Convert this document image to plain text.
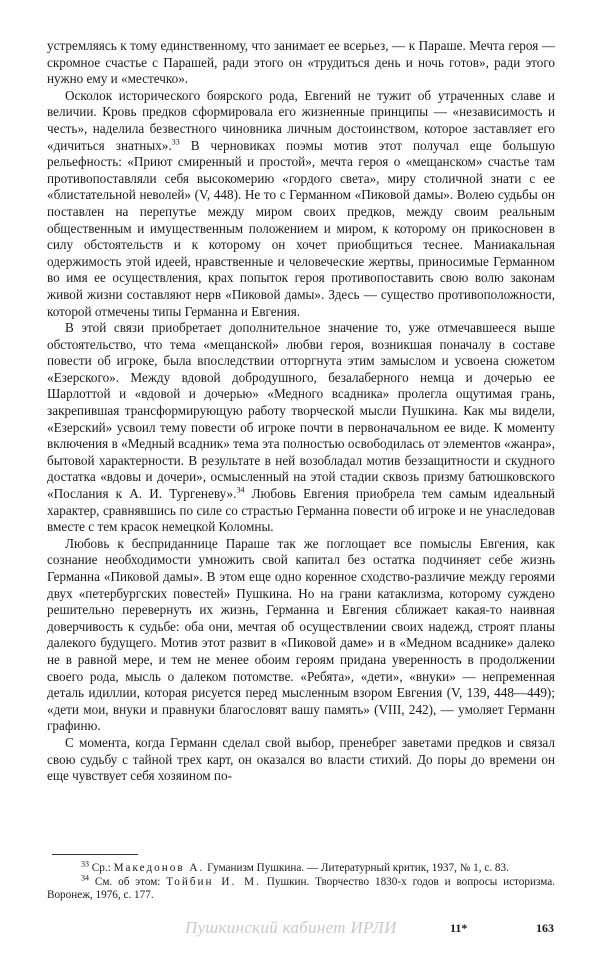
устремляясь к тому единственному, что занимает ее всерьез, — к Параше. Мечта героя — скромное счастье с Парашей, ради этого он «трудиться день и ночь готов», ради этого нужно ему и «местечко».

Осколок исторического боярского рода, Евгений не тужит об утраченных славе и величии. Кровь предков сформировала его жизненные принципы — «независимость и честь», наделила безвестного чиновника личным достоинством, которое заставляет его «дичиться знатных».$^{33}$ В черновиках поэмы мотив этот получал еще большую рельефность: «Приют смиренный и простой», мечта героя о «мещанском» счастье там противопоставляли себя высокомерию «гордого света», миру столичной знати с ее «блистательной неволей» (V, 448). Не то с Германном «Пиковой дамы». Волею судьбы он поставлен на перепутье между миром своих предков, между своим реальным общественным и имущественным положением и миром, к которому он прикосновен в силу обстоятельств и к которому он хочет приобщиться теснее. Маниакальная одержимость этой идеей, нравственные и человеческие жертвы, приносимые Германном во имя ее осуществления, крах попыток героя противопоставить свою волю законам живой жизни составляют нерв «Пиковой дамы». Здесь — существо противоположности, которой отмечены типы Германна и Евгения.

В этой связи приобретает дополнительное значение то, уже отмечавшееся выше обстоятельство, что тема «мещанской» любви героя, возникшая поначалу в составе повести об игроке, была впоследствии отторгнута этим замыслом и усвоена сюжетом «Езерского». Между вдовой добродушного, безалаберного немца и дочерью ее Шарлоттой и «вдовой и дочерью» «Медного всадника» пролегла ощутимая грань, закрепившая трансформирующую работу творческой мысли Пушкина. Как мы видели, «Езерский» усвоил тему повести об игроке почти в первоначальном ее виде. К моменту включения в «Медный всадник» тема эта полностью освободилась от элементов «жанра», бытовой характерности. В результате в ней возобладал мотив беззащитности и скудного достатка «вдовы и дочери», осмысленный на этой стадии сквозь призму батюшковского «Послания к А. И. Тургеневу».$^{34}$ Любовь Евгения приобрела тем самым идеальный характер, сравнявшись по силе со страстью Германна повести об игроке и не унаследовав вместе с тем красок немецкой Коломны.

Любовь к бесприданнице Параше так же поглощает все помыслы Евгения, как сознание необходимости умножить свой капитал без остатка подчиняет себе жизнь Германна «Пиковой дамы». В этом еще одно коренное сходство-различие между героями двух «петербургских повестей» Пушкина. Но на грани катаклизма, которому суждено решительно перевернуть их жизнь, Германна и Евгения сближает какая-то наивная доверчивость к судьбе: оба они, мечтая об осуществлении своих надежд, строят планы далекого будущего. Мотив этот развит в «Пиковой даме» и в «Медном всаднике» далеко не в равной мере, и тем не менее обоим героям придана уверенность в продолжении своего рода, мысль о далеком потомстве. «Ребята», «дети», «внуки» — непременная деталь идиллии, которая рисуется перед мысленным взором Евгения (V, 139, 448—449); «дети мои, внуки и правнуки благословят вашу память» (VIII, 242), — умоляет Германн графиню.

С момента, когда Германн сделал свой выбор, пренебрег заветами предков и связал свою судьбу с тайной трех карт, он оказался во власти стихий. До поры до времени он еще чувствует себя хозяином по-

$^{33}$ Ср.: Македонов А. Гуманизм Пушкина. — Литературный критик, 1937, № 1, с. 83.

$^{34}$ См. об этом: Тойбин И. М. Пушкин. Творчество 1830-х годов и вопросы историзма. Воронеж, 1976, с. 177.

Пушкинский кабинет ИРЛИ	11*	163
